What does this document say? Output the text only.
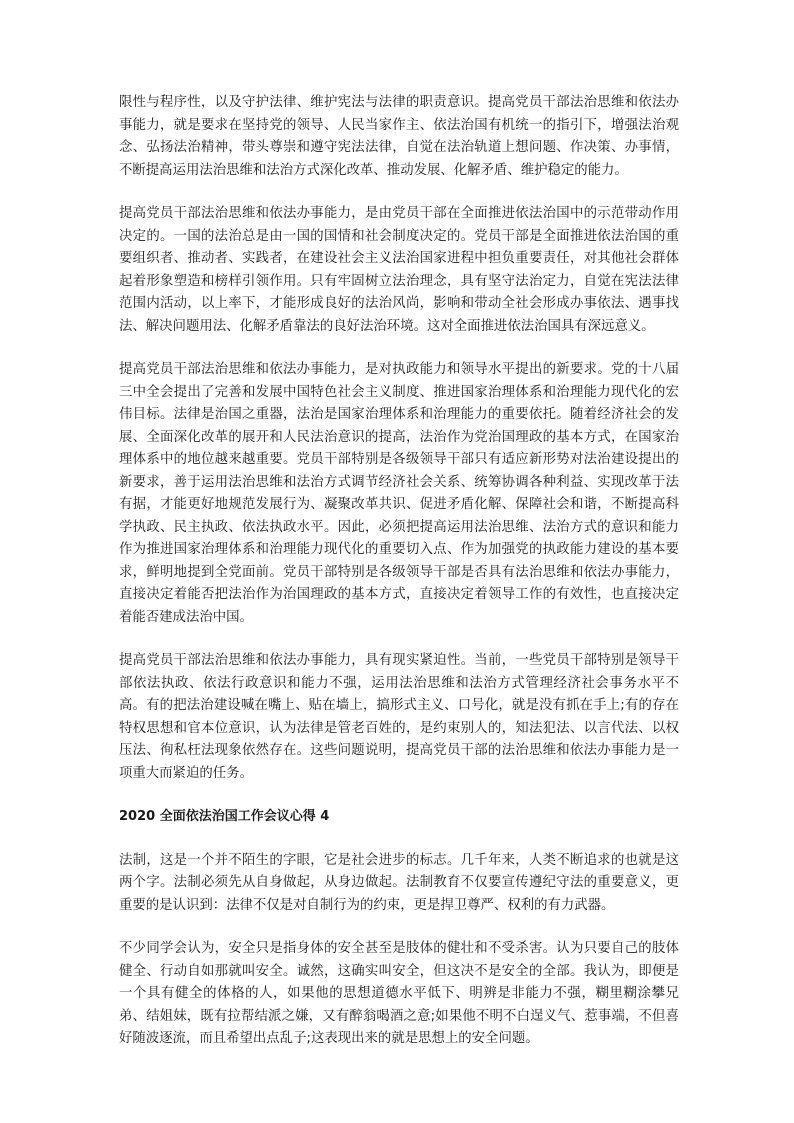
限性与程序性，以及守护法律、维护宪法与法律的职责意识。提高党员干部法治思维和依法办事能力，就是要求在坚持党的领导、人民当家作主、依法治国有机统一的指引下，增强法治观念、弘扬法治精神，带头尊崇和遵守宪法法律，自觉在法治轨道上想问题、作决策、办事情，不断提高运用法治思维和法治方式深化改革、推动发展、化解矛盾、维护稳定的能力。

提高党员干部法治思维和依法办事能力，是由党员干部在全面推进依法治国中的示范带动作用决定的。一国的法治总是由一国的国情和社会制度决定的。党员干部是全面推进依法治国的重要组织者、推动者、实践者，在建设社会主义法治国家进程中担负重要责任，对其他社会群体起着形象塑造和榜样引领作用。只有牢固树立法治理念，具有坚守法治定力，自觉在宪法法律范围内活动，以上率下，才能形成良好的法治风尚，影响和带动全社会形成办事依法、遇事找法、解决问题用法、化解矛盾靠法的良好法治环境。这对全面推进依法治国具有深远意义。

提高党员干部法治思维和依法办事能力，是对执政能力和领导水平提出的新要求。党的十八届三中全会提出了完善和发展中国特色社会主义制度、推进国家治理体系和治理能力现代化的宏伟目标。法律是治国之重器，法治是国家治理体系和治理能力的重要依托。随着经济社会的发展、全面深化改革的展开和人民法治意识的提高，法治作为党治国理政的基本方式，在国家治理体系中的地位越来越重要。党员干部特别是各级领导干部只有适应新形势对法治建设提出的新要求，善于运用法治思维和法治方式调节经济社会关系、统筹协调各种利益、实现改革于法有据，才能更好地规范发展行为、凝聚改革共识、促进矛盾化解、保障社会和谐，不断提高科学执政、民主执政、依法执政水平。因此，必须把提高运用法治思维、法治方式的意识和能力作为推进国家治理体系和治理能力现代化的重要切入点、作为加强党的执政能力建设的基本要求，鲜明地提到全党面前。党员干部特别是各级领导干部是否具有法治思维和依法办事能力，直接决定着能否把法治作为治国理政的基本方式，直接决定着领导工作的有效性，也直接决定着能否建成法治中国。

提高党员干部法治思维和依法办事能力，具有现实紧迫性。当前，一些党员干部特别是领导干部依法执政、依法行政意识和能力不强，运用法治思维和法治方式管理经济社会事务水平不高。有的把法治建设喊在嘴上、贴在墙上，搞形式主义、口号化，就是没有抓在手上;有的存在特权思想和官本位意识，认为法律是管老百姓的，是约束别人的，知法犯法、以言代法、以权压法、徇私枉法现象依然存在。这些问题说明，提高党员干部的法治思维和依法办事能力是一项重大而紧迫的任务。

2020 全面依法治国工作会议心得 4

法制，这是一个并不陌生的字眼，它是社会进步的标志。几千年来，人类不断追求的也就是这两个字。法制必须先从自身做起，从身边做起。法制教育不仅要宣传遵纪守法的重要意义，更重要的是认识到：法律不仅是对自制行为的约束，更是捍卫尊严、权利的有力武器。

不少同学会认为，安全只是指身体的安全甚至是肢体的健壮和不受杀害。认为只要自己的肢体健全、行动自如那就叫安全。诚然，这确实叫安全，但这决不是安全的全部。我认为，即便是一个具有健全的体格的人，如果他的思想道德水平低下、明辨是非能力不强，糊里糊涂攀兄弟、结姐妹，既有拉帮结派之嫌，又有醉翁喝酒之意;如果他不明不白逞义气、惹事端，不但喜好随波逐流，而且希望出点乱子;这表现出来的就是思想上的安全问题。
